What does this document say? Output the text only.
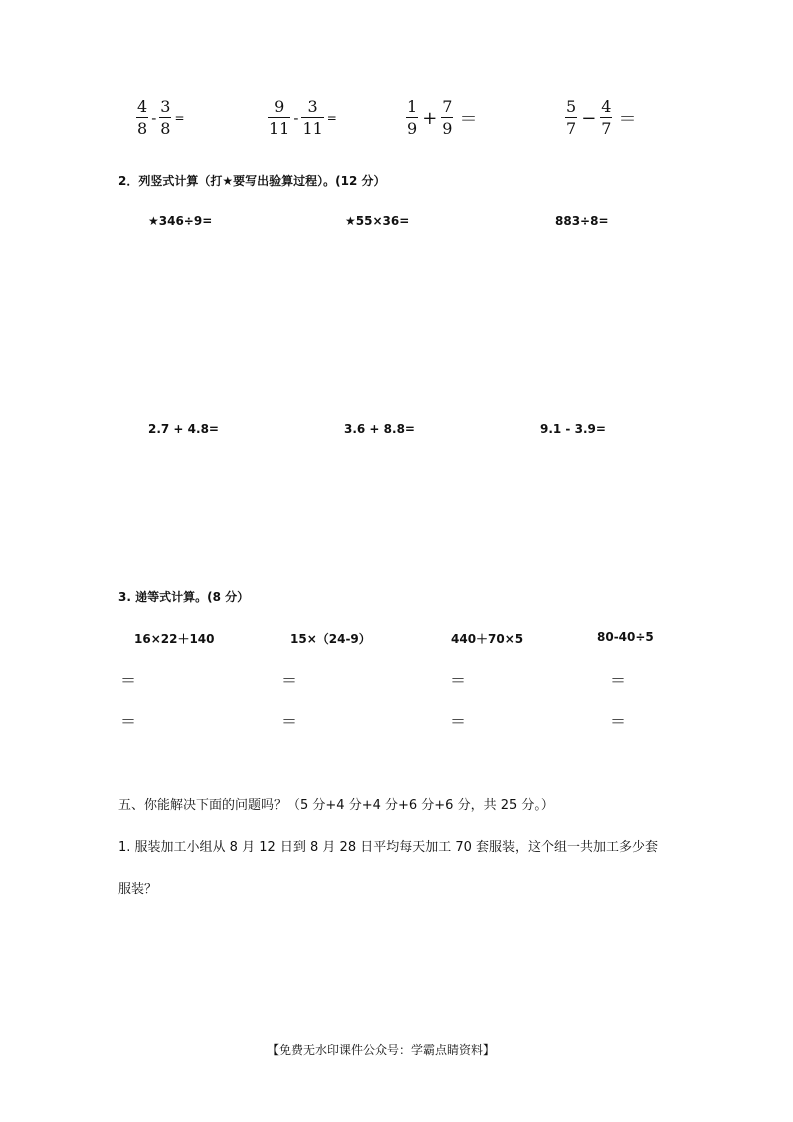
$\frac{4}{8} - \frac{3}{8}$ =	$\frac{9}{11} - \frac{3}{11}$ =	$\frac{1}{9} + \frac{7}{9}$ ＝	$\frac{5}{7} - \frac{4}{7}$ ＝
2．列竖式计算（打★要写出验算过程）。(12 分）
★346÷9=	★55×36=	883÷8=
2.7 + 4.8=	3.6 + 8.8=	9.1 - 3.9=
3. 递等式计算。(8 分）
16×22＋140	15×（24-9）	440＋70×5	80-40÷5
＝	＝	＝	＝
＝	＝	＝	＝
五、你能解决下面的问题吗？（5 分+4 分+4 分+6 分+6 分，共 25 分。）
1. 服装加工小组从 8 月 12 日到 8 月 28 日平均每天加工 70 套服装，这个组一共加工多少套
服装？
【免费无水印课件公众号：学霸点睛资料】
